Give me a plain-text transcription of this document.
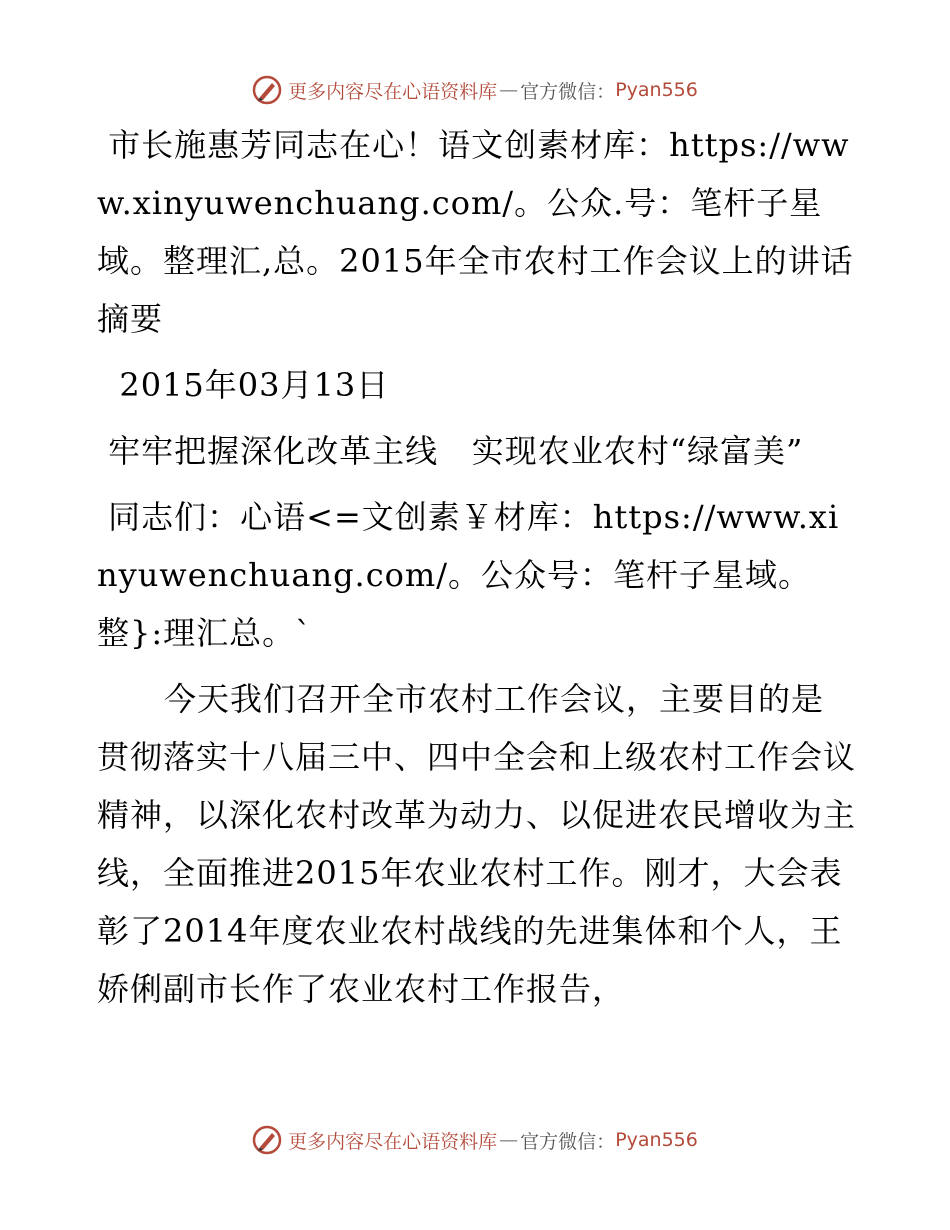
更多内容尽在心语资料库 — 官方微信： Pyan556

市长施惠芳同志在心！语文创素材库：https://www.xinyuwenchuang.com/。公众.号：笔杆子星域。整理汇,总。2015年全市农村工作会议上的讲话摘要

2015年03月13日

牢牢把握深化改革主线   实现农业农村“绿富美”

同志们：心语<=文创素￥材库：https://www.xinyuwenchuang.com/。公众号：笔杆子星域。整}:理汇总。`

今天我们召开全市农村工作会议，主要目的是贯彻落实十八届三中、四中全会和上级农村工作会议精神，以深化农村改革为动力、以促进农民增收为主线，全面推进2015年农业农村工作。刚才，大会表彰了2014年度农业农村战线的先进集体和个人，王娇俐副市长作了农业农村工作报告，

更多内容尽在心语资料库 — 官方微信： Pyan556
